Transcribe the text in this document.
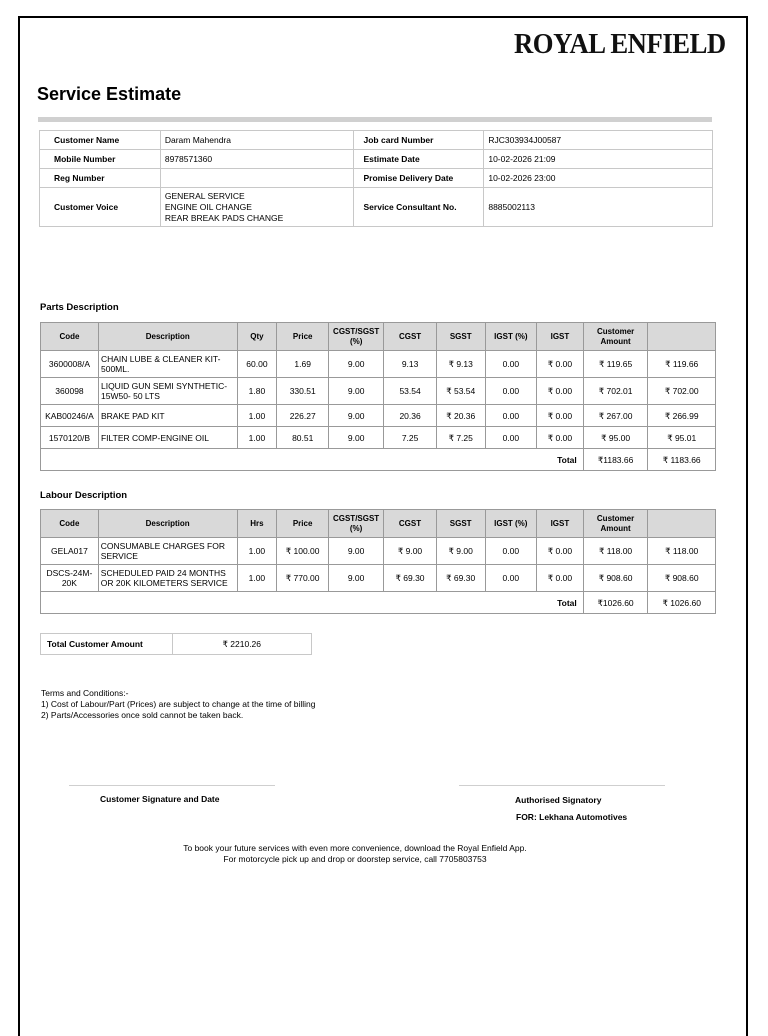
ROYAL ENFIELD
Service Estimate
Customer Name	Daram Mahendra	Job card Number	RJC303934J00587
Mobile Number	8978571360	Estimate Date	10-02-2026 21:09
Reg Number		Promise Delivery Date	10-02-2026 23:00
Customer Voice	GENERAL SERVICE
ENGINE OIL CHANGE
REAR BREAK PADS CHANGE	Service Consultant No.	8885002113
Parts Description
Code	Description	Qty	Price	CGST/SGST (%)	CGST	SGST	IGST (%)	IGST	Customer Amount	
3600008/A	CHAIN LUBE & CLEANER KIT-500ML.	60.00	1.69	9.00	9.13	₹ 9.13	0.00	₹ 0.00	₹ 119.65	₹ 119.66
360098	LIQUID GUN SEMI SYNTHETIC-15W50- 50 LTS	1.80	330.51	9.00	53.54	₹ 53.54	0.00	₹ 0.00	₹ 702.01	₹ 702.00
KAB00246/A	BRAKE PAD KIT	1.00	226.27	9.00	20.36	₹ 20.36	0.00	₹ 0.00	₹ 267.00	₹ 266.99
1570120/B	FILTER COMP-ENGINE OIL	1.00	80.51	9.00	7.25	₹ 7.25	0.00	₹ 0.00	₹ 95.00	₹ 95.01
Total									₹1183.66	₹ 1183.66
Labour Description
Code	Description	Hrs	Price	CGST/SGST (%)	CGST	SGST	IGST (%)	IGST	Customer Amount	
GELA017	CONSUMABLE CHARGES FOR SERVICE	1.00	₹ 100.00	9.00	₹ 9.00	₹ 9.00	0.00	₹ 0.00	₹ 118.00	₹ 118.00
DSCS-24M-20K	SCHEDULED PAID 24 MONTHS OR 20K KILOMETERS SERVICE	1.00	₹ 770.00	9.00	₹ 69.30	₹ 69.30	0.00	₹ 0.00	₹ 908.60	₹ 908.60
Total									₹1026.60	₹ 1026.60
Total Customer Amount	₹ 2210.26
Terms and Conditions:-
1) Cost of Labour/Part (Prices) are subject to change at the time of billing
2) Parts/Accessories once sold cannot be taken back.
Customer Signature and Date	Authorised Signatory
FOR: Lekhana Automotives
To book your future services with even more convenience, download the Royal Enfield App.
For motorcycle pick up and drop or doorstep service, call 7705803753
